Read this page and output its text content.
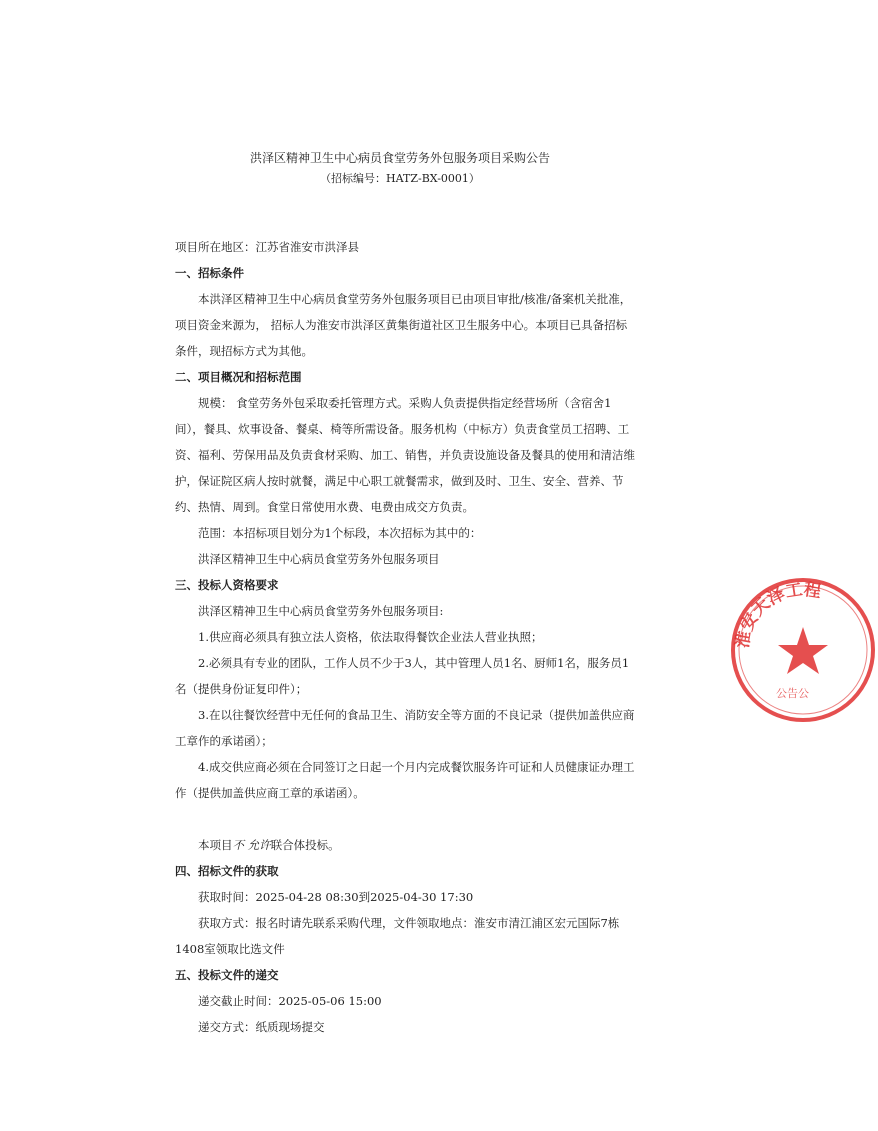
洪泽区精神卫生中心病员食堂劳务外包服务项目采购公告
（招标编号：HATZ-BX-0001）
项目所在地区：江苏省淮安市洪泽县
一、招标条件
本洪泽区精神卫生中心病员食堂劳务外包服务项目已由项目审批/核准/备案机关批准，项目资金来源为， 招标人为淮安市洪泽区黄集街道社区卫生服务中心。本项目已具备招标条件，现招标方式为其他。
二、项目概况和招标范围
规模： 食堂劳务外包采取委托管理方式。采购人负责提供指定经营场所（含宿舍1间），餐具、炊事设备、餐桌、椅等所需设备。服务机构（中标方）负责食堂员工招聘、工资、福利、劳保用品及负责食材采购、加工、销售，并负责设施设备及餐具的使用和清洁维护，保证院区病人按时就餐，满足中心职工就餐需求，做到及时、卫生、安全、营养、节约、热情、周到。食堂日常使用水费、电费由成交方负责。
范围：本招标项目划分为1个标段，本次招标为其中的：
洪泽区精神卫生中心病员食堂劳务外包服务项目
三、投标人资格要求
洪泽区精神卫生中心病员食堂劳务外包服务项目:
1.供应商必须具有独立法人资格，依法取得餐饮企业法人营业执照；
2.必须具有专业的团队，工作人员不少于3人，其中管理人员1名、厨师1名，服务员1名（提供身份证复印件）；
3.在以往餐饮经营中无任何的食品卫生、消防安全等方面的不良记录（提供加盖供应商工章作的承诺函）；
4.成交供应商必须在合同签订之日起一个月内完成餐饮服务许可证和人员健康证办理工作（提供加盖供应商工章的承诺函）。
本项目不 允许联合体投标。
四、招标文件的获取
获取时间：2025-04-28 08:30到2025-04-30 17:30
获取方式：报名时请先联系采购代理，文件领取地点：淮安市清江浦区宏元国际7栋1408室领取比选文件
五、投标文件的递交
递交截止时间：2025-05-06 15:00
递交方式：纸质现场提交
淮安天泽工程
公告公
